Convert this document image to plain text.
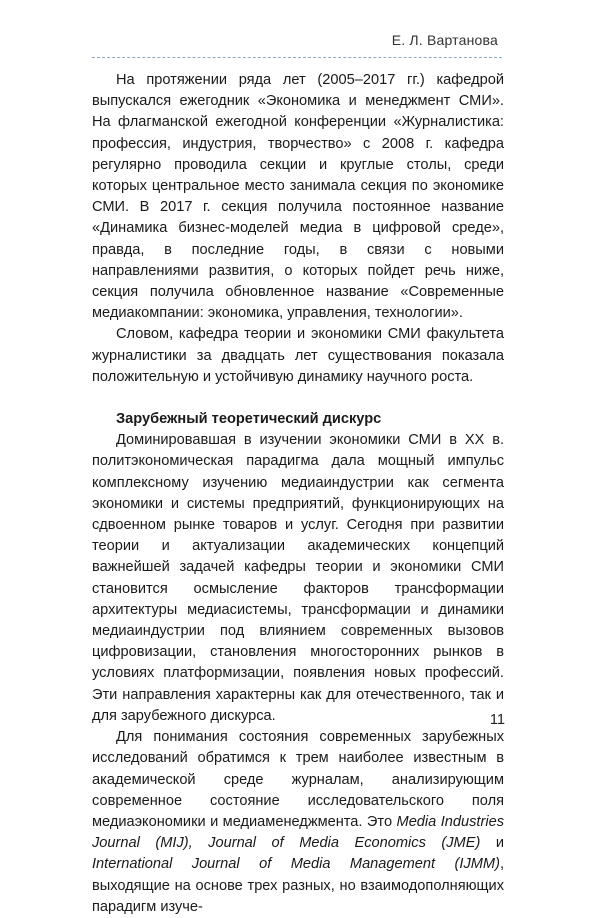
Е. Л. Вартанова

На протяжении ряда лет (2005–2017 гг.) кафедрой выпускался ежегодник «Экономика и менеджмент СМИ». На флагманской ежегодной конференции «Журналистика: профессия, индустрия, творчество» с 2008 г. кафедра регулярно проводила секции и круглые столы, среди которых центральное место занимала секция по экономике СМИ. В 2017 г. секция получила постоянное название «Динамика бизнес-моделей медиа в цифровой среде», правда, в последние годы, в связи с новыми направлениями развития, о которых пойдет речь ниже, секция получила обновленное название «Современные медиакомпании: экономика, управления, технологии».

Словом, кафедра теории и экономики СМИ факультета журналистики за двадцать лет существования показала положительную и устойчивую динамику научного роста.

Зарубежный теоретический дискурс

Доминировавшая в изучении экономики СМИ в XX в. политэкономическая парадигма дала мощный импульс комплексному изучению медиаиндустрии как сегмента экономики и системы предприятий, функционирующих на сдвоенном рынке товаров и услуг. Сегодня при развитии теории и актуализации академических концепций важнейшей задачей кафедры теории и экономики СМИ становится осмысление факторов трансформации архитектуры медиасистемы, трансформации и динамики медиаиндустрии под влиянием современных вызовов цифровизации, становления многосторонних рынков в условиях платформизации, появления новых профессий. Эти направления характерны как для отечественного, так и для зарубежного дискурса.

Для понимания состояния современных зарубежных исследований обратимся к трем наиболее известным в академической среде журналам, анализирующим современное состояние исследовательского поля медиаэкономики и медиаменеджмента. Это Media Industries Journal (MIJ), Journal of Media Economics (JME) и International Journal of Media Management (IJMM), выходящие на основе трех разных, но взаимодополняющих парадигм изуче-

11
